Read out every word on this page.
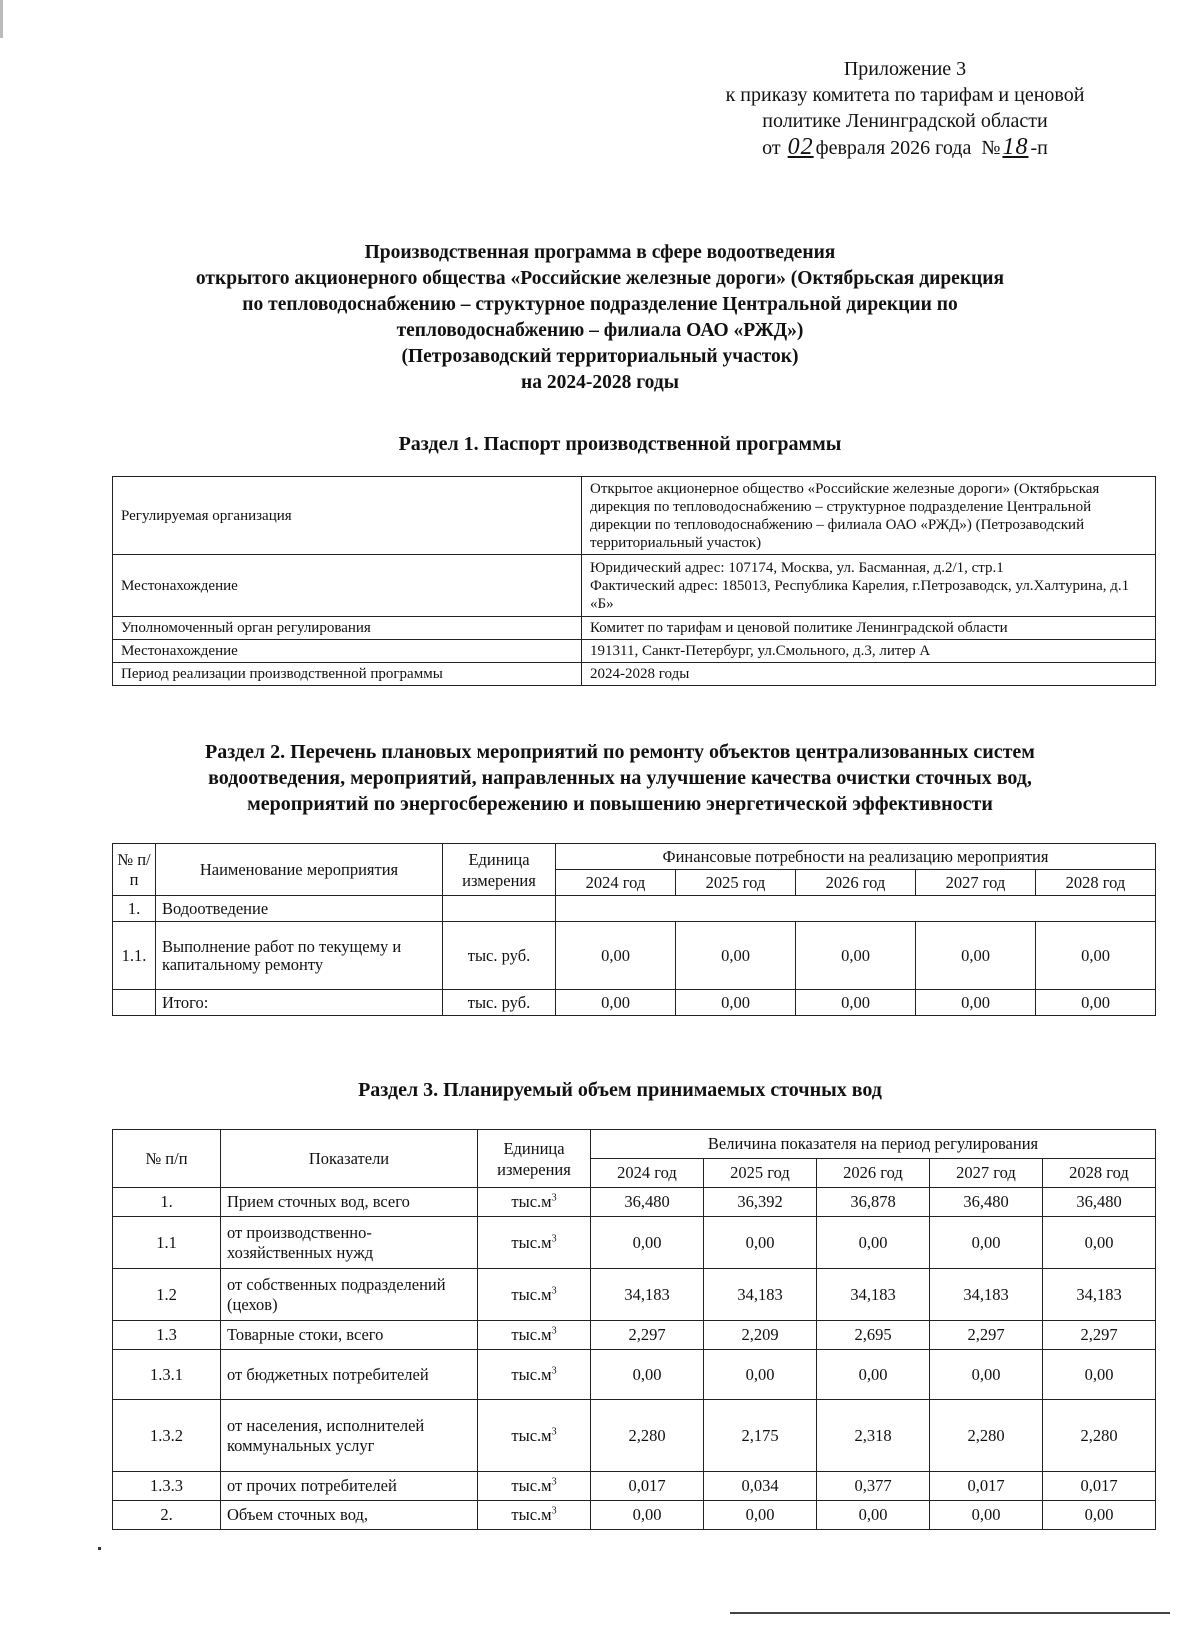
Приложение 3
к приказу комитета по тарифам и ценовой
политике Ленинградской области
от 02 февраля 2026 года №18 -п
Производственная программа в сфере водоотведения
открытого акционерного общества «Российские железные дороги» (Октябрьская дирекция
по тепловодоснабжению – структурное подразделение Центральной дирекции по
тепловодоснабжению – филиала ОАО «РЖД»)
(Петрозаводский территориальный участок)
на 2024-2028 годы
Раздел 1. Паспорт производственной программы
Регулируемая организация	Открытое акционерное общество «Российские железные дороги» (Октябрьская дирекция по тепловодоснабжению – структурное подразделение Центральной дирекции по тепловодоснабжению – филиала ОАО «РЖД») (Петрозаводский территориальный участок)
Местонахождение	Юридический адрес: 107174, Москва, ул. Басманная, д.2/1, стр.1
Фактический адрес: 185013, Республика Карелия, г.Петрозаводск, ул.Халтурина, д.1 «Б»

Уполномоченный орган регулирования	Комитет по тарифам и ценовой политике Ленинградской области
Местонахождение	191311, Санкт-Петербург, ул.Смольного, д.3, литер А
Период реализации производственной программы	2024-2028 годы
Раздел 2. Перечень плановых мероприятий по ремонту объектов централизованных систем
водоотведения, мероприятий, направленных на улучшение качества очистки сточных вод,
мероприятий по энергосбережению и повышению энергетической эффективности
№ п/п	Наименование мероприятия	Единица измерения	Финансовые потребности на реализацию мероприятия				
			2024 год	2025 год	2026 год	2027 год	2028 год
1.	Водоотведение						
1.1.	Выполнение работ по текущему и капитальному ремонту	тыс. руб.	0,00	0,00	0,00	0,00	0,00
	Итого:	тыс. руб.	0,00	0,00	0,00	0,00	0,00
Раздел 3. Планируемый объем принимаемых сточных вод
№ п/п	Показатели	Единица измерения	Величина показателя на период регулирования				
			2024 год	2025 год	2026 год	2027 год	2028 год
1.	Прием сточных вод, всего	$тыс.м^3$	36,480	36,392	36,878	36,480	36,480
1.1	от производственно-хозяйственных нужд	$тыс.м^3$	0,00	0,00	0,00	0,00	0,00
1.2	от собственных подразделений (цехов)	$тыс.м^3$	34,183	34,183	34,183	34,183	34,183
1.3	Товарные стоки, всего	$тыс.м^3$	2,297	2,209	2,695	2,297	2,297
1.3.1	от бюджетных потребителей	$тыс.м^3$	0,00	0,00	0,00	0,00	0,00
1.3.2	от населения, исполнителей коммунальных услуг	$тыс.м^3$	2,280	2,175	2,318	2,280	2,280
1.3.3	от прочих потребителей	$тыс.м^3$	0,017	0,034	0,377	0,017	0,017
2.	Объем сточных вод,	$тыс.м^3$	0,00	0,00	0,00	0,00	0,00
